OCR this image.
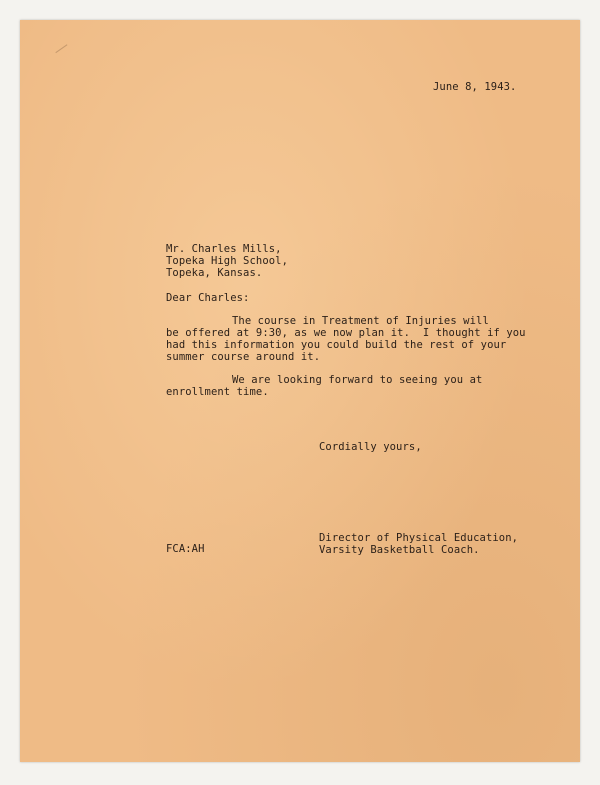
June 8, 1943.
Mr. Charles Mills,
Topeka High School,
Topeka, Kansas.
Dear Charles:
The course in Treatment of Injuries will
be offered at 9:30, as we now plan it.  I thought if you
had this information you could build the rest of your
summer course around it.
We are looking forward to seeing you at
enrollment time.
Cordially yours,
Director of Physical Education,
Varsity Basketball Coach.
FCA:AH
